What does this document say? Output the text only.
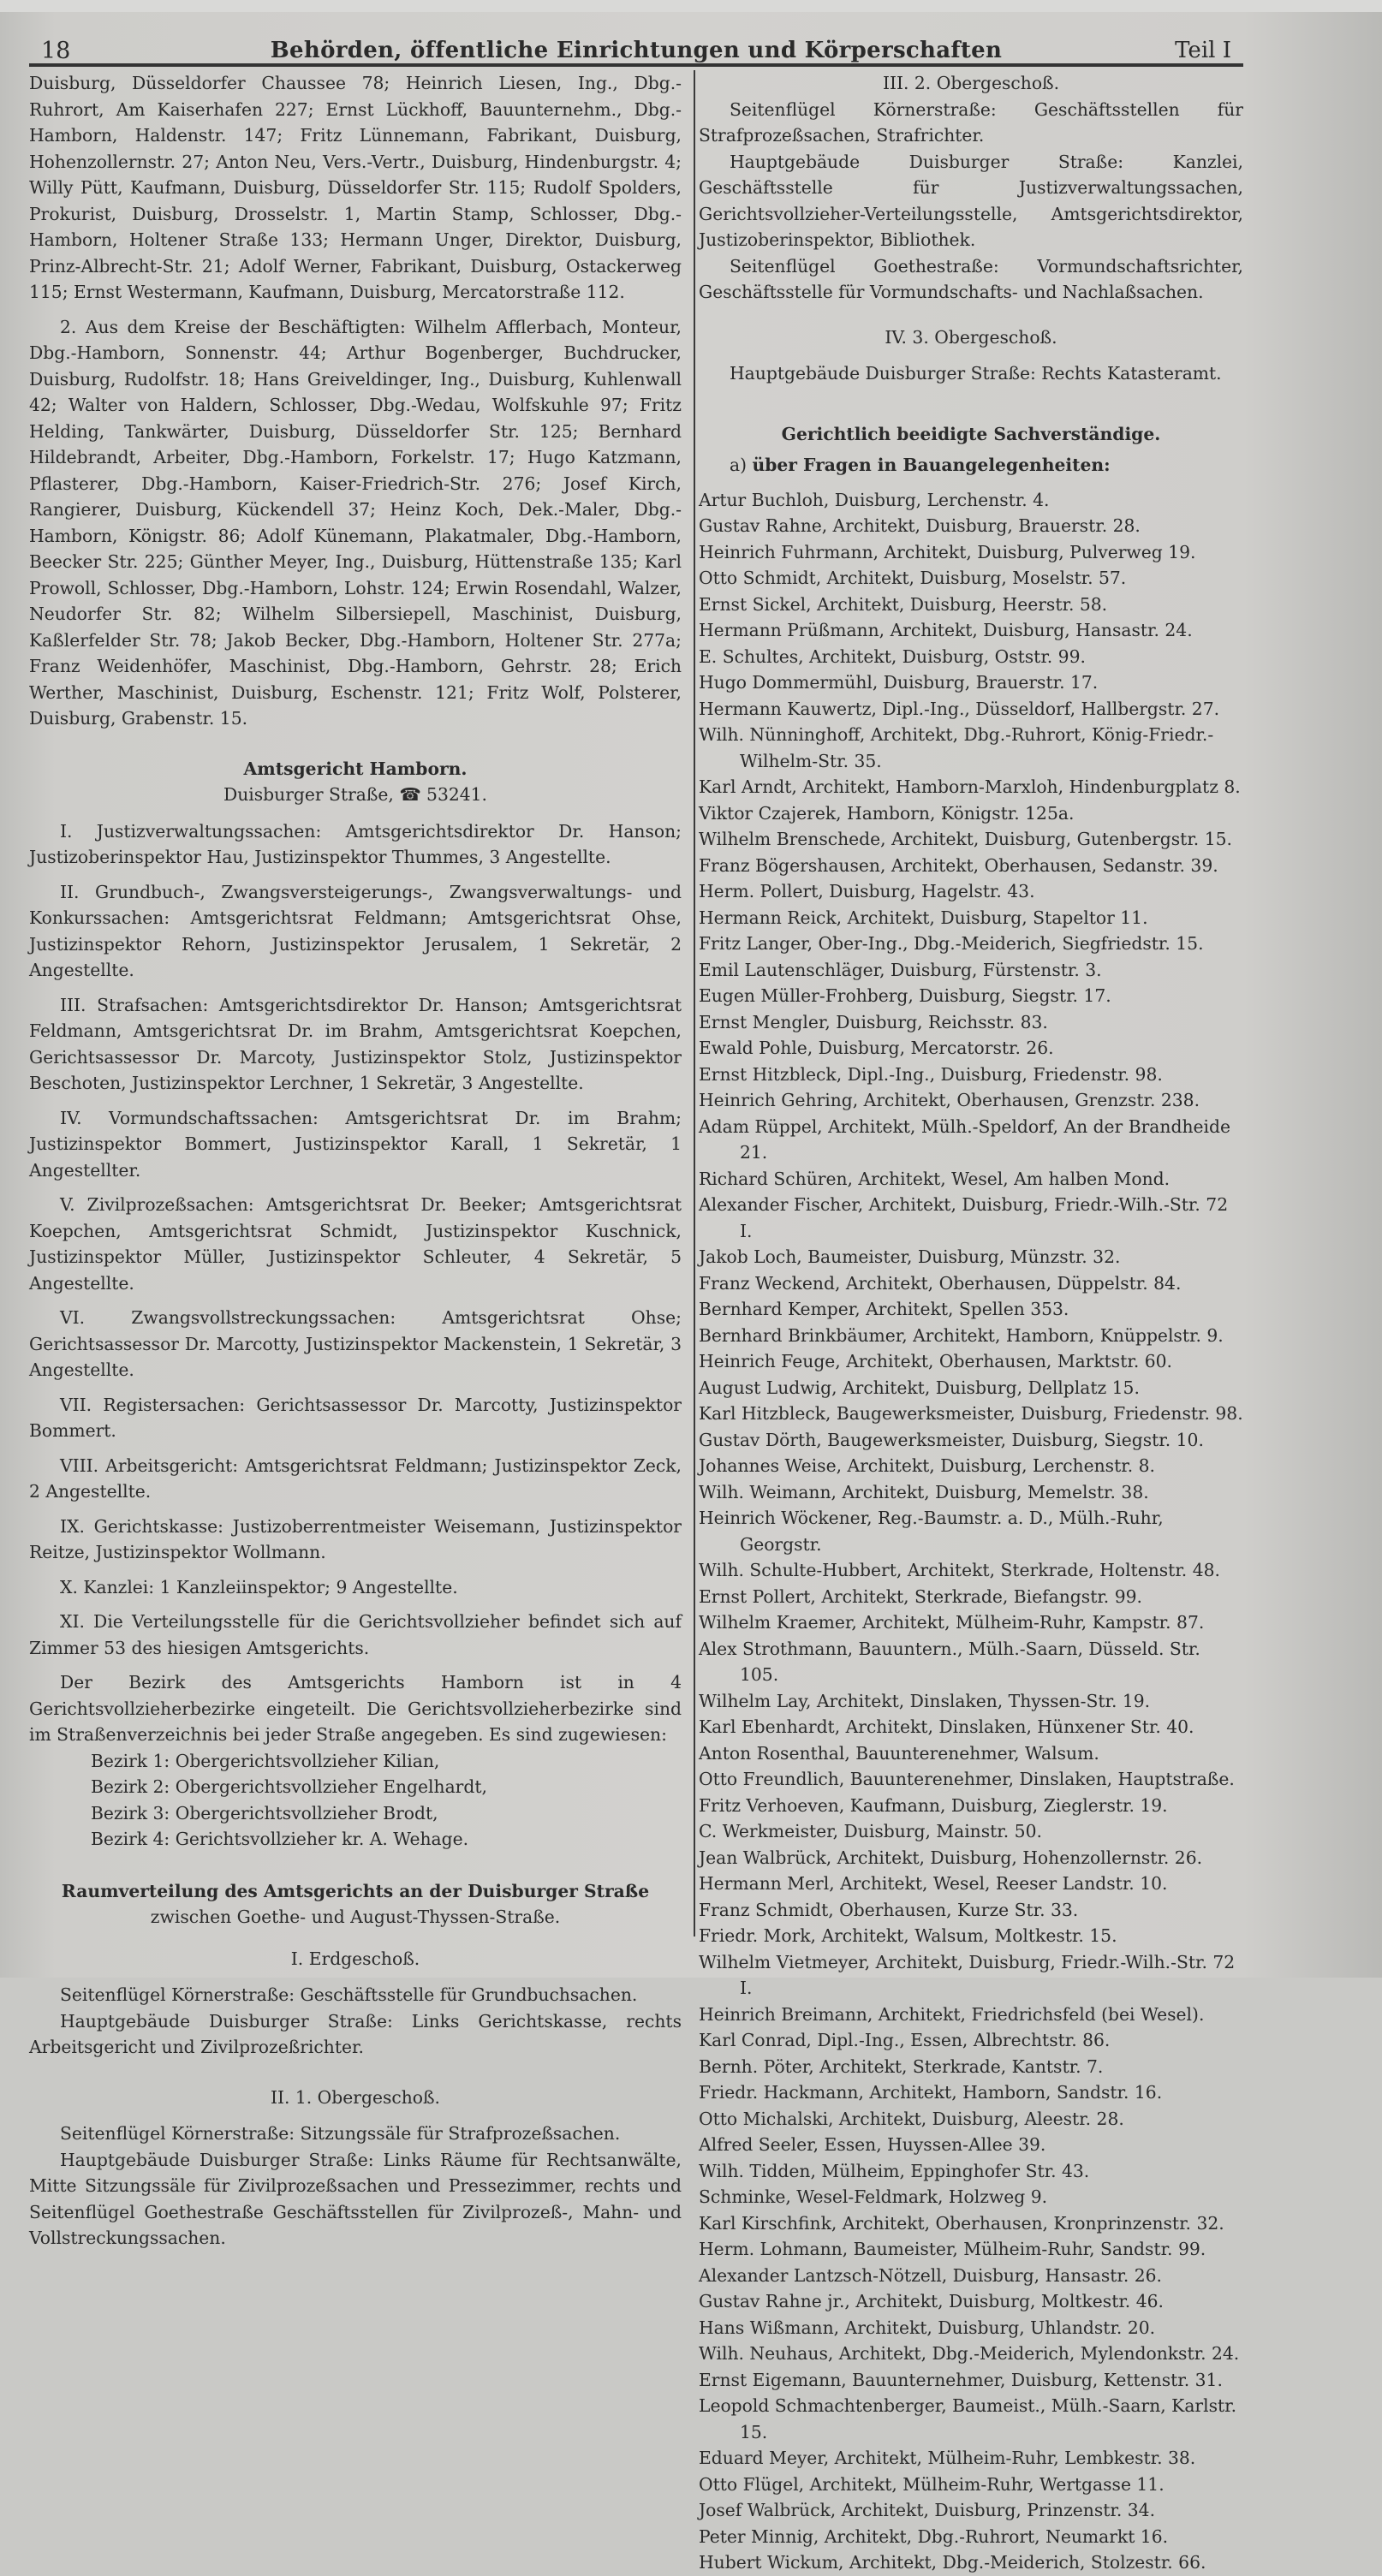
18	Behörden, öffentliche Einrichtungen und Körperschaften	Teil I

Duisburg, Düsseldorfer Chaussee 78; Heinrich Liesen, Ing., Dbg.-Ruhrort, Am Kaiserhafen 227; Ernst Lückhoff, Bauunternehm., Dbg.-Hamborn, Haldenstr. 147; Fritz Lünnemann, Fabrikant, Duisburg, Hohenzollernstr. 27; Anton Neu, Vers.-Vertr., Duisburg, Hindenburgstr. 4; Willy Pütt, Kaufmann, Duisburg, Düsseldorfer Str. 115; Rudolf Spolders, Prokurist, Duisburg, Drosselstr. 1, Martin Stamp, Schlosser, Dbg.-Hamborn, Holtener Straße 133; Hermann Unger, Direktor, Duisburg, Prinz-Albrecht-Str. 21; Adolf Werner, Fabrikant, Duisburg, Ostackerweg 115; Ernst Westermann, Kaufmann, Duisburg, Mercatorstraße 112.

2. Aus dem Kreise der Beschäftigten: Wilhelm Afflerbach, Monteur, Dbg.-Hamborn, Sonnenstr. 44; Arthur Bogenberger, Buchdrucker, Duisburg, Rudolfstr. 18; Hans Greiveldinger, Ing., Duisburg, Kuhlenwall 42; Walter von Haldern, Schlosser, Dbg.-Wedau, Wolfskuhle 97; Fritz Helding, Tankwärter, Duisburg, Düsseldorfer Str. 125; Bernhard Hildebrandt, Arbeiter, Dbg.-Hamborn, Forkelstr. 17; Hugo Katzmann, Pflasterer, Dbg.-Hamborn, Kaiser-Friedrich-Str. 276; Josef Kirch, Rangierer, Duisburg, Kückendell 37; Heinz Koch, Dek.-Maler, Dbg.-Hamborn, Königstr. 86; Adolf Künemann, Plakatmaler, Dbg.-Hamborn, Beecker Str. 225; Günther Meyer, Ing., Duisburg, Hüttenstraße 135; Karl Prowoll, Schlosser, Dbg.-Hamborn, Lohstr. 124; Erwin Rosendahl, Walzer, Neudorfer Str. 82; Wilhelm Silbersiepell, Maschinist, Duisburg, Kaßlerfelder Str. 78; Jakob Becker, Dbg.-Hamborn, Holtener Str. 277a; Franz Weidenhöfer, Maschinist, Dbg.-Hamborn, Gehrstr. 28; Erich Werther, Maschinist, Duisburg, Eschenstr. 121; Fritz Wolf, Polsterer, Duisburg, Grabenstr. 15.

Amtsgericht Hamborn.

Duisburger Straße, ☎ 53241.

I. Justizverwaltungssachen: Amtsgerichtsdirektor Dr. Hanson; Justizoberinspektor Hau, Justizinspektor Thummes, 3 Angestellte.

II. Grundbuch-, Zwangsversteigerungs-, Zwangsverwaltungs- und Konkurssachen: Amtsgerichtsrat Feldmann; Amtsgerichtsrat Ohse, Justizinspektor Rehorn, Justizinspektor Jerusalem, 1 Sekretär, 2 Angestellte.

III. Strafsachen: Amtsgerichtsdirektor Dr. Hanson; Amtsgerichtsrat Feldmann, Amtsgerichtsrat Dr. im Brahm, Amtsgerichtsrat Koepchen, Gerichtsassessor Dr. Marcoty, Justizinspektor Stolz, Justizinspektor Beschoten, Justizinspektor Lerchner, 1 Sekretär, 3 Angestellte.

IV. Vormundschaftssachen: Amtsgerichtsrat Dr. im Brahm; Justizinspektor Bommert, Justizinspektor Karall, 1 Sekretär, 1 Angestellter.

V. Zivilprozeßsachen: Amtsgerichtsrat Dr. Beeker; Amtsgerichtsrat Koepchen, Amtsgerichtsrat Schmidt, Justizinspektor Kuschnick, Justizinspektor Müller, Justizinspektor Schleuter, 4 Sekretär, 5 Angestellte.

VI. Zwangsvollstreckungssachen: Amtsgerichtsrat Ohse; Gerichtsassessor Dr. Marcotty, Justizinspektor Mackenstein, 1 Sekretär, 3 Angestellte.

VII. Registersachen: Gerichtsassessor Dr. Marcotty, Justizinspektor Bommert.

VIII. Arbeitsgericht: Amtsgerichtsrat Feldmann; Justizinspektor Zeck, 2 Angestellte.

IX. Gerichtskasse: Justizoberrentmeister Weisemann, Justizinspektor Reitze, Justizinspektor Wollmann.

X. Kanzlei: 1 Kanzleiinspektor; 9 Angestellte.

XI. Die Verteilungsstelle für die Gerichtsvollzieher befindet sich auf Zimmer 53 des hiesigen Amtsgerichts.

Der Bezirk des Amtsgerichts Hamborn ist in 4 Gerichtsvollzieherbezirke eingeteilt. Die Gerichtsvollzieherbezirke sind im Straßenverzeichnis bei jeder Straße angegeben. Es sind zugewiesen:

Bezirk 1: Obergerichtsvollzieher Kilian,

Bezirk 2: Obergerichtsvollzieher Engelhardt,

Bezirk 3: Obergerichtsvollzieher Brodt,

Bezirk 4: Gerichtsvollzieher kr. A. Wehage.

Raumverteilung des Amtsgerichts an der Duisburger Straße

zwischen Goethe- und August-Thyssen-Straße.

I. Erdgeschoß.

Seitenflügel Körnerstraße: Geschäftsstelle für Grundbuchsachen.

Hauptgebäude Duisburger Straße: Links Gerichtskasse, rechts Arbeitsgericht und Zivilprozeßrichter.

II. 1. Obergeschoß.

Seitenflügel Körnerstraße: Sitzungssäle für Strafprozeßsachen.

Hauptgebäude Duisburger Straße: Links Räume für Rechtsanwälte, Mitte Sitzungssäle für Zivilprozeßsachen und Pressezimmer, rechts und Seitenflügel Goethestraße Geschäftsstellen für Zivilprozeß-, Mahn- und Vollstreckungssachen.

III. 2. Obergeschoß.

Seitenflügel Körnerstraße: Geschäftsstellen für Strafprozeßsachen, Strafrichter.

Hauptgebäude Duisburger Straße: Kanzlei, Geschäftsstelle für Justizverwaltungssachen, Gerichtsvollzieher-Verteilungsstelle, Amtsgerichtsdirektor, Justizoberinspektor, Bibliothek.

Seitenflügel Goethestraße: Vormundschaftsrichter, Geschäftsstelle für Vormundschafts- und Nachlaßsachen.

IV. 3. Obergeschoß.

Hauptgebäude Duisburger Straße: Rechts Katasteramt.

Gerichtlich beeidigte Sachverständige.

a) über Fragen in Bauangelegenheiten:

Artur Buchloh, Duisburg, Lerchenstr. 4.

Gustav Rahne, Architekt, Duisburg, Brauerstr. 28.

Heinrich Fuhrmann, Architekt, Duisburg, Pulverweg 19.

Otto Schmidt, Architekt, Duisburg, Moselstr. 57.

Ernst Sickel, Architekt, Duisburg, Heerstr. 58.

Hermann Prüßmann, Architekt, Duisburg, Hansastr. 24.

E. Schultes, Architekt, Duisburg, Oststr. 99.

Hugo Dommermühl, Duisburg, Brauerstr. 17.

Hermann Kauwertz, Dipl.-Ing., Düsseldorf, Hallbergstr. 27.

Wilh. Nünninghoff, Architekt, Dbg.-Ruhrort, König-Friedr.-Wilhelm-Str. 35.

Karl Arndt, Architekt, Hamborn-Marxloh, Hindenburgplatz 8.

Viktor Czajerek, Hamborn, Königstr. 125a.

Wilhelm Brenschede, Architekt, Duisburg, Gutenbergstr. 15.

Franz Bögershausen, Architekt, Oberhausen, Sedanstr. 39.

Herm. Pollert, Duisburg, Hagelstr. 43.

Hermann Reick, Architekt, Duisburg, Stapeltor 11.

Fritz Langer, Ober-Ing., Dbg.-Meiderich, Siegfriedstr. 15.

Emil Lautenschläger, Duisburg, Fürstenstr. 3.

Eugen Müller-Frohberg, Duisburg, Siegstr. 17.

Ernst Mengler, Duisburg, Reichsstr. 83.

Ewald Pohle, Duisburg, Mercatorstr. 26.

Ernst Hitzbleck, Dipl.-Ing., Duisburg, Friedenstr. 98.

Heinrich Gehring, Architekt, Oberhausen, Grenzstr. 238.

Adam Rüppel, Architekt, Mülh.-Speldorf, An der Brandheide 21.

Richard Schüren, Architekt, Wesel, Am halben Mond.

Alexander Fischer, Architekt, Duisburg, Friedr.-Wilh.-Str. 72 I.

Jakob Loch, Baumeister, Duisburg, Münzstr. 32.

Franz Weckend, Architekt, Oberhausen, Düppelstr. 84.

Bernhard Kemper, Architekt, Spellen 353.

Bernhard Brinkbäumer, Architekt, Hamborn, Knüppelstr. 9.

Heinrich Feuge, Architekt, Oberhausen, Marktstr. 60.

August Ludwig, Architekt, Duisburg, Dellplatz 15.

Karl Hitzbleck, Baugewerksmeister, Duisburg, Friedenstr. 98.

Gustav Dörth, Baugewerksmeister, Duisburg, Siegstr. 10.

Johannes Weise, Architekt, Duisburg, Lerchenstr. 8.

Wilh. Weimann, Architekt, Duisburg, Memelstr. 38.

Heinrich Wöckener, Reg.-Baumstr. a. D., Mülh.-Ruhr, Georgstr.

Wilh. Schulte-Hubbert, Architekt, Sterkrade, Holtenstr. 48.

Ernst Pollert, Architekt, Sterkrade, Biefangstr. 99.

Wilhelm Kraemer, Architekt, Mülheim-Ruhr, Kampstr. 87.

Alex Strothmann, Bauuntern., Mülh.-Saarn, Düsseld. Str. 105.

Wilhelm Lay, Architekt, Dinslaken, Thyssen-Str. 19.

Karl Ebenhardt, Architekt, Dinslaken, Hünxener Str. 40.

Anton Rosenthal, Bauunterenehmer, Walsum.

Otto Freundlich, Bauunterenehmer, Dinslaken, Hauptstraße.

Fritz Verhoeven, Kaufmann, Duisburg, Zieglerstr. 19.

C. Werkmeister, Duisburg, Mainstr. 50.

Jean Walbrück, Architekt, Duisburg, Hohenzollernstr. 26.

Hermann Merl, Architekt, Wesel, Reeser Landstr. 10.

Franz Schmidt, Oberhausen, Kurze Str. 33.

Friedr. Mork, Architekt, Walsum, Moltkestr. 15.

Wilhelm Vietmeyer, Architekt, Duisburg, Friedr.-Wilh.-Str. 72 I.

Heinrich Breimann, Architekt, Friedrichsfeld (bei Wesel).

Karl Conrad, Dipl.-Ing., Essen, Albrechtstr. 86.

Bernh. Pöter, Architekt, Sterkrade, Kantstr. 7.

Friedr. Hackmann, Architekt, Hamborn, Sandstr. 16.

Otto Michalski, Architekt, Duisburg, Aleestr. 28.

Alfred Seeler, Essen, Huyssen-Allee 39.

Wilh. Tidden, Mülheim, Eppinghofer Str. 43.

Schminke, Wesel-Feldmark, Holzweg 9.

Karl Kirschfink, Architekt, Oberhausen, Kronprinzenstr. 32.

Herm. Lohmann, Baumeister, Mülheim-Ruhr, Sandstr. 99.

Alexander Lantzsch-Nötzell, Duisburg, Hansastr. 26.

Gustav Rahne jr., Architekt, Duisburg, Moltkestr. 46.

Hans Wißmann, Architekt, Duisburg, Uhlandstr. 20.

Wilh. Neuhaus, Architekt, Dbg.-Meiderich, Mylendonkstr. 24.

Ernst Eigemann, Bauunternehmer, Duisburg, Kettenstr. 31.

Leopold Schmachtenberger, Baumeist., Mülh.-Saarn, Karlstr. 15.

Eduard Meyer, Architekt, Mülheim-Ruhr, Lembkestr. 38.

Otto Flügel, Architekt, Mülheim-Ruhr, Wertgasse 11.

Josef Walbrück, Architekt, Duisburg, Prinzenstr. 34.

Peter Minnig, Architekt, Dbg.-Ruhrort, Neumarkt 16.

Hubert Wickum, Architekt, Dbg.-Meiderich, Stolzestr. 66.
